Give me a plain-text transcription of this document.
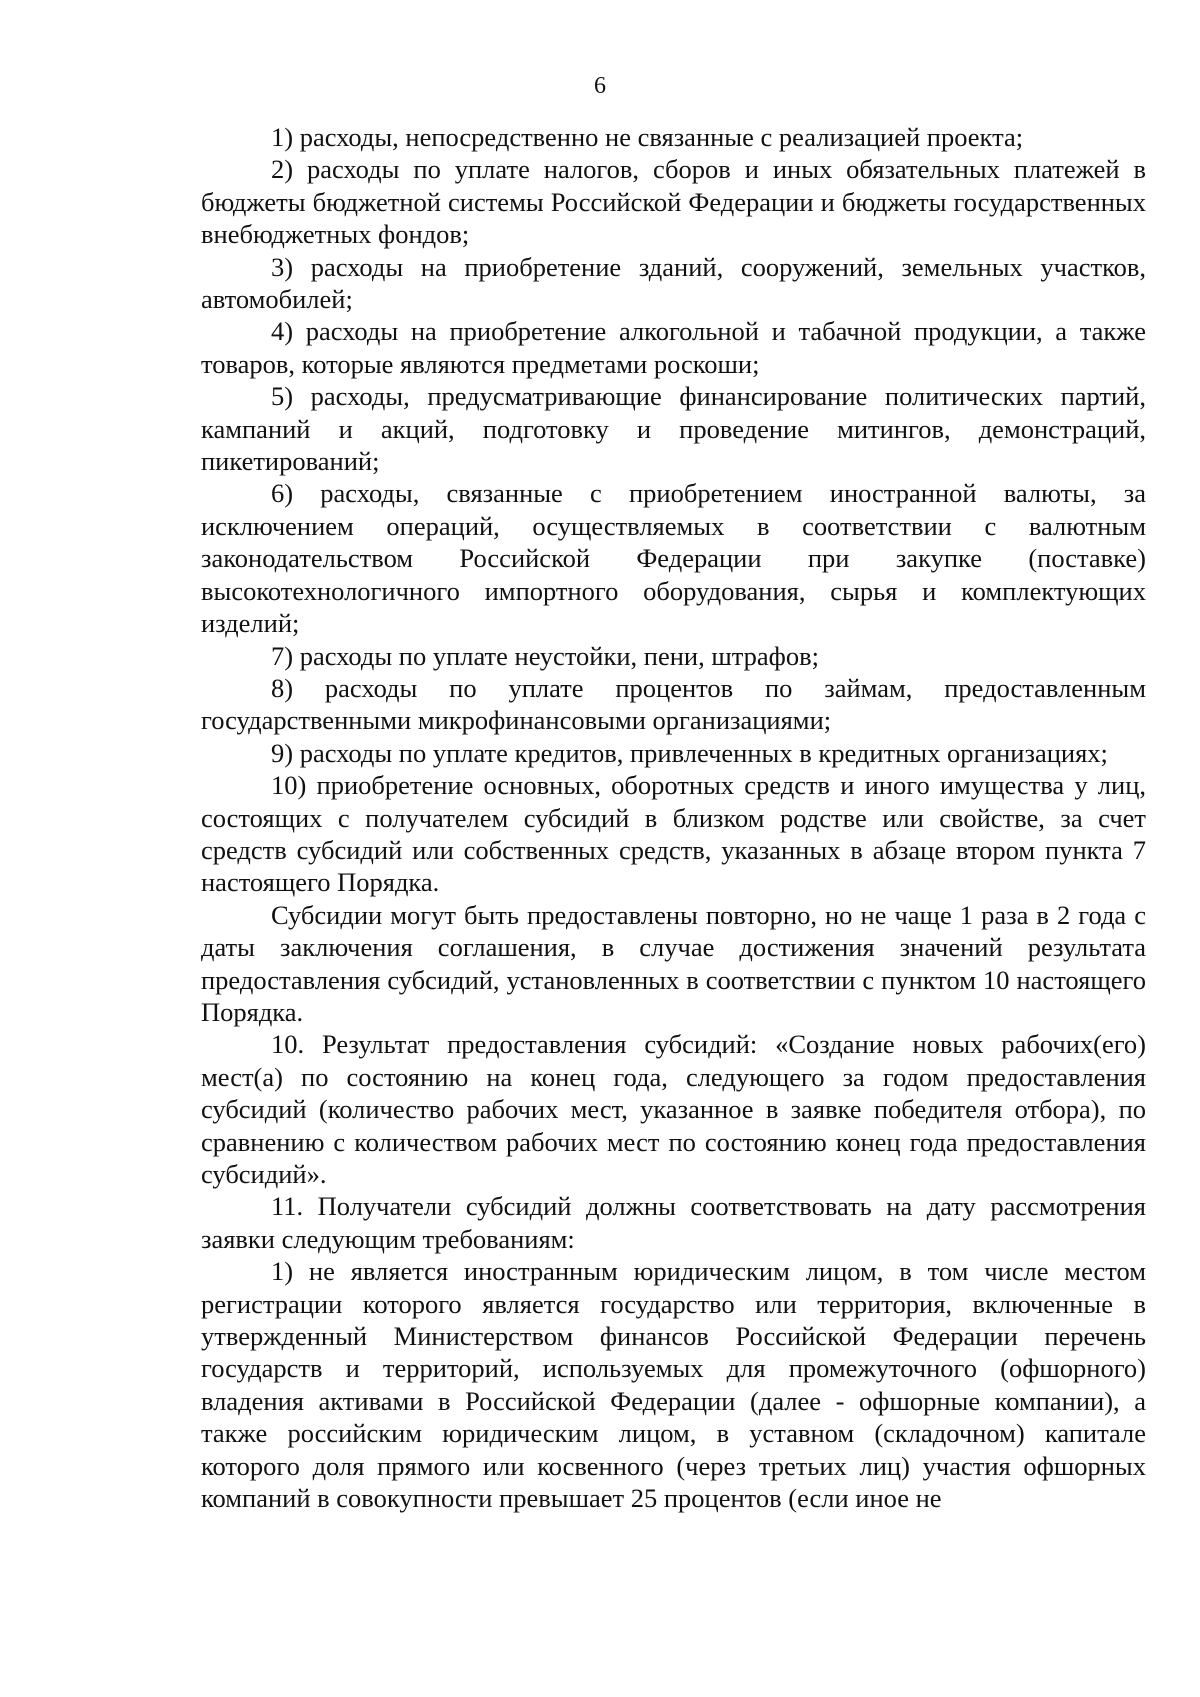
6

1) расходы, непосредственно не связанные с реализацией проекта;

2) расходы по уплате налогов, сборов и иных обязательных платежей в бюджеты бюджетной системы Российской Федерации и бюджеты государственных внебюджетных фондов;

3) расходы на приобретение зданий, сооружений, земельных участков, автомобилей;

4) расходы на приобретение алкогольной и табачной продукции, а также товаров, которые являются предметами роскоши;

5) расходы, предусматривающие финансирование политических партий, кампаний и акций, подготовку и проведение митингов, демонстраций, пикетирований;

6) расходы, связанные с приобретением иностранной валюты, за исключением операций, осуществляемых в соответствии с валютным законодательством Российской Федерации при закупке (поставке) высокотехнологичного импортного оборудования, сырья и комплектующих изделий;

7) расходы по уплате неустойки, пени, штрафов;

8) расходы по уплате процентов по займам, предоставленным государственными микрофинансовыми организациями;

9) расходы по уплате кредитов, привлеченных в кредитных организациях;

10) приобретение основных, оборотных средств и иного имущества у лиц, состоящих с получателем субсидий в близком родстве или свойстве, за счет средств субсидий или собственных средств, указанных в абзаце втором пункта 7 настоящего Порядка.

Субсидии могут быть предоставлены повторно, но не чаще 1 раза в 2 года с даты заключения соглашения, в случае достижения значений результата предоставления субсидий, установленных в соответствии с пунктом 10 настоящего Порядка.

10. Результат предоставления субсидий: «Создание новых рабочих(его) мест(а) по состоянию на конец года, следующего за годом предоставления субсидий (количество рабочих мест, указанное в заявке победителя отбора), по сравнению с количеством рабочих мест по состоянию конец года предоставления субсидий».

11. Получатели субсидий должны соответствовать на дату рассмотрения заявки следующим требованиям:

1) не является иностранным юридическим лицом, в том числе местом регистрации которого является государство или территория, включенные в утвержденный Министерством финансов Российской Федерации перечень государств и территорий, используемых для промежуточного (офшорного) владения активами в Российской Федерации (далее - офшорные компании), а также российским юридическим лицом, в уставном (складочном) капитале которого доля прямого или косвенного (через третьих лиц) участия офшорных компаний в совокупности превышает 25 процентов (если иное не
